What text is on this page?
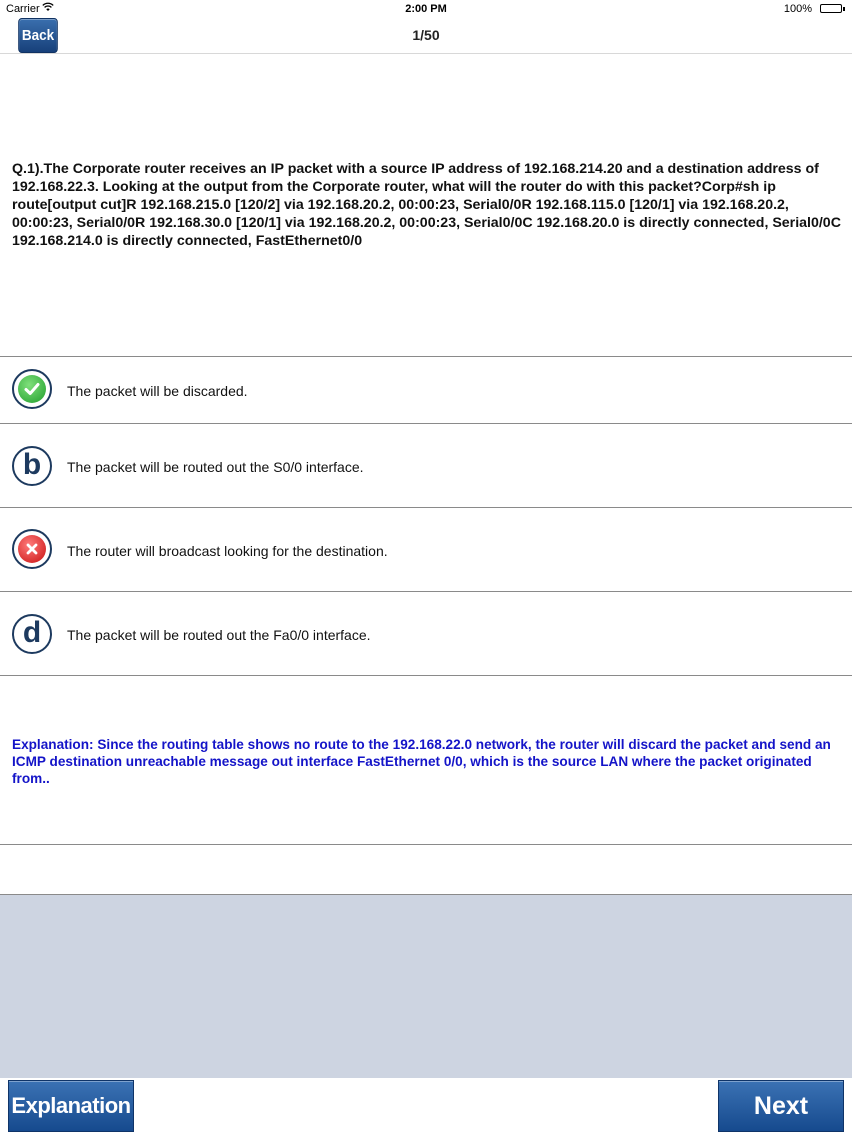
Carrier	2:00 PM	100%
Back	1/50
Q.1).The Corporate router receives an IP packet with a source IP address of 192.168.214.20 and a destination address of 192.168.22.3. Looking at the output from the Corporate router, what will the router do with this packet?Corp#sh ip route[output cut]R 192.168.215.0 [120/2] via 192.168.20.2, 00:00:23, Serial0/0R 192.168.115.0 [120/1] via 192.168.20.2, 00:00:23, Serial0/0R 192.168.30.0 [120/1] via 192.168.20.2, 00:00:23, Serial0/0C 192.168.20.0 is directly connected, Serial0/0C 192.168.214.0 is directly connected, FastEthernet0/0
The packet will be discarded.
b The packet will be routed out the S0/0 interface.
The router will broadcast looking for the destination.
d The packet will be routed out the Fa0/0 interface.
Explanation: Since the routing table shows no route to the 192.168.22.0 network, the router will discard the packet and send an ICMP destination unreachable message out interface FastEthernet 0/0, which is the source LAN where the packet originated from..
Explanation	Next
